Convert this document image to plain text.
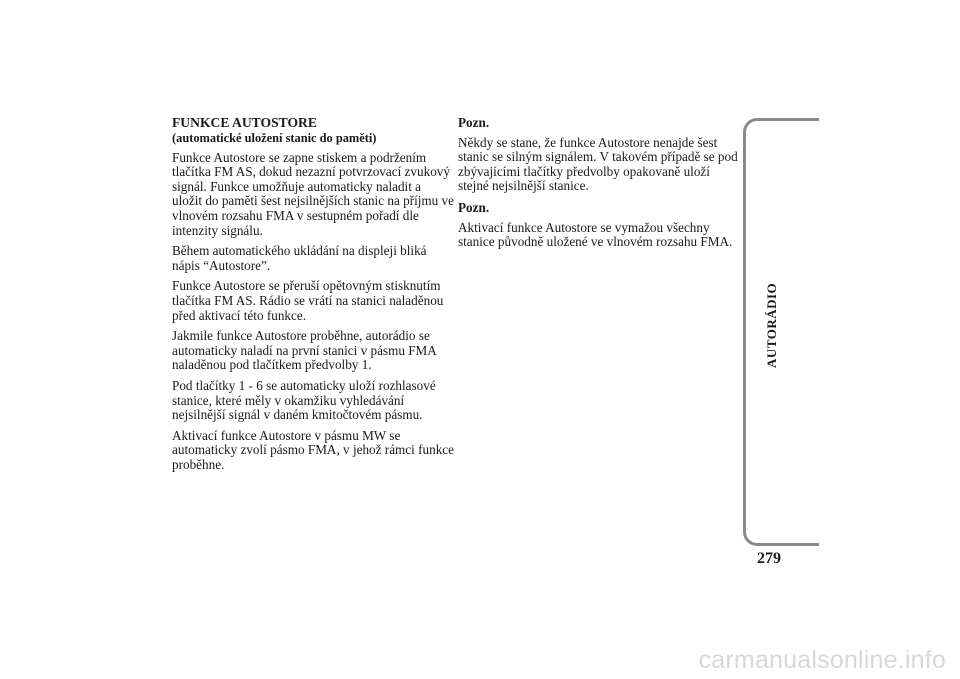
FUNKCE AUTOSTORE
(automatické uložení stanic do paměti)

Funkce Autostore se zapne stiskem a podržením tlačítka FM AS, dokud nezazní potvrzovací zvukový signál. Funkce umožňuje automaticky naladit a uložit do paměti šest nejsilnějších stanic na příjmu ve vlnovém rozsahu FMA v sestupném pořadí dle intenzity signálu.

Během automatického ukládání na displeji bliká nápis “Autostore”.

Funkce Autostore se přeruší opětovným stisknutím tlačítka FM AS. Rádio se vrátí na stanici naladěnou před aktivací této funkce.

Jakmile funkce Autostore proběhne, autorádio se automaticky naladí na první stanici v pásmu FMA naladěnou pod tlačítkem předvolby 1.

Pod tlačítky 1 - 6 se automaticky uloží rozhlasové stanice, které měly v okamžiku vyhledávání nejsilnější signál v daném kmitočtovém pásmu.

Aktivací funkce Autostore v pásmu MW se automaticky zvolí pásmo FMA, v jehož rámci funkce proběhne.

Pozn.

Někdy se stane, že funkce Autostore nenajde šest stanic se silným signálem. V takovém případě se pod zbývajícími tlačítky předvolby opakovaně uloží stejné nejsilnější stanice.

Pozn.

Aktivací funkce Autostore se vymažou všechny stanice původně uložené ve vlnovém rozsahu FMA.

AUTORÁDIO
279
carmanualsonline.info
